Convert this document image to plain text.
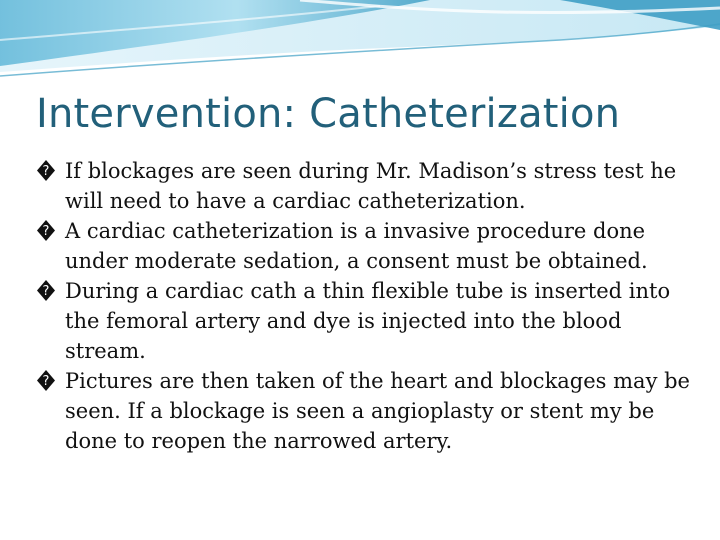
Intervention: Catheterization
? If blockages are seen during Mr. Madison’s stress test he will need to have a cardiac catheterization.
? A cardiac catheterization is a invasive procedure done under moderate sedation, a consent must be obtained.
? During a cardiac cath a thin flexible tube is inserted into the femoral artery and dye is injected into the blood stream.
? Pictures are then taken of the heart and blockages may be seen. If a blockage is seen a angioplasty or stent my be done to reopen the narrowed artery.
